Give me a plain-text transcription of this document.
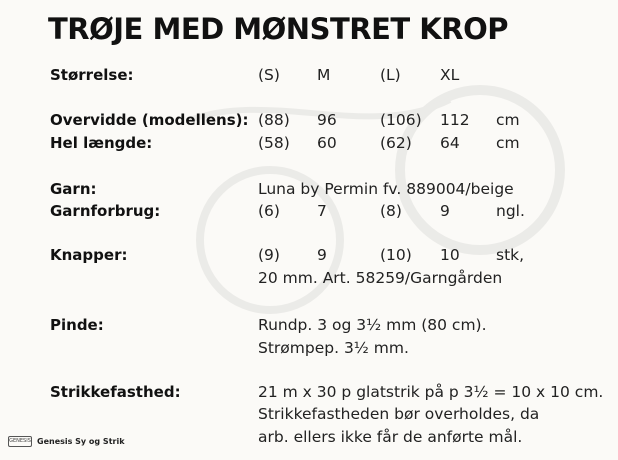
TRØJE MED MØNSTRET KROP
Størrelse:	(S) M	(L)	XL
Overvidde (modellens): (88) 96	(106) 112 cm
Hel længde:	(58) 60	(62) 64 cm
Garn:	Luna by Permin fv. 889004/beige
Garnforbrug:	(6) 7	(8) 9	ngl.
Knapper:	(9) 9	(10) 10 stk,
20 mm. Art. 58259/Garngården
Pinde:	Rundp. 3 og 3½ mm (80 cm).
Strømpep. 3½ mm.
Strikkefasthed:	21 m x 30 p glatstrik på p 3½ = 10 x 10 cm.
Strikkefastheden bør overholdes, da
arb. ellers ikke får de anførte mål.
GENESIS Genesis Sy og Strik
